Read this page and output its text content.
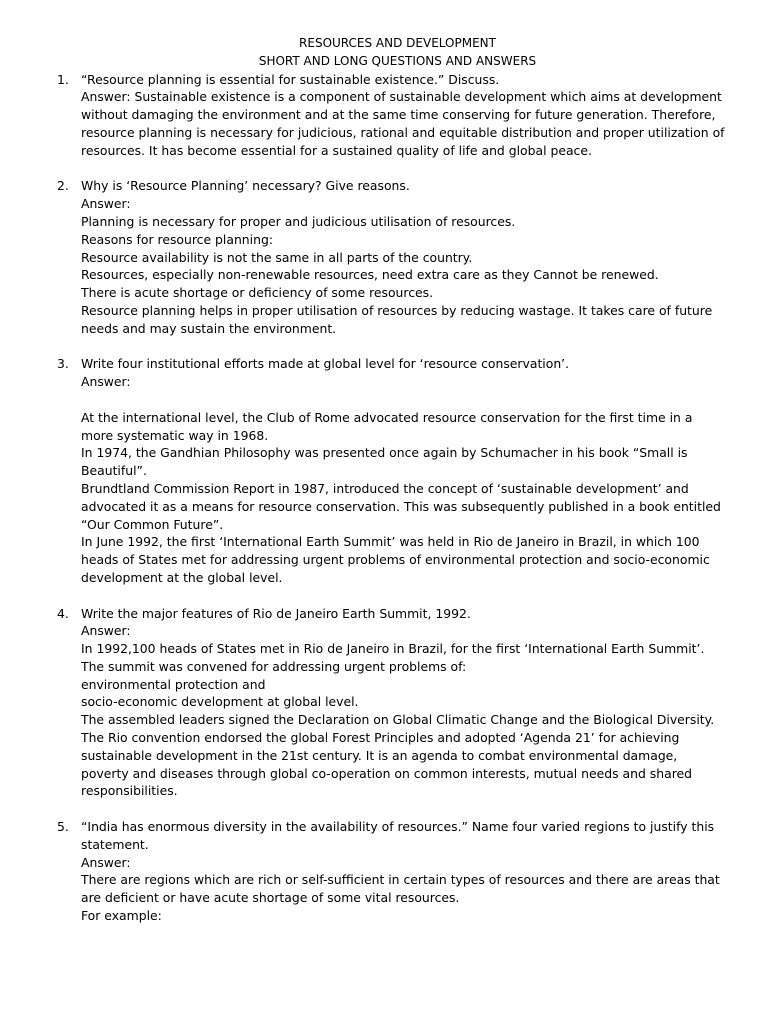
RESOURCES AND DEVELOPMENT
SHORT AND LONG QUESTIONS AND ANSWERS
1. “Resource planning is essential for sustainable existence.” Discuss.
Answer: Sustainable existence is a component of sustainable development which aims at development without damaging the environment and at the same time conserving for future generation. Therefore, resource planning is necessary for judicious, rational and equitable distribution and proper utilization of resources. It has become essential for a sustained quality of life and global peace.
2. Why is ‘Resource Planning’ necessary? Give reasons.
Answer:
Planning is necessary for proper and judicious utilisation of resources.
Reasons for resource planning:
Resource availability is not the same in all parts of the country.
Resources, especially non-renewable resources, need extra care as they Cannot be renewed.
There is acute shortage or deficiency of some resources.
Resource planning helps in proper utilisation of resources by reducing wastage. It takes care of future needs and may sustain the environment.
3. Write four institutional efforts made at global level for ‘resource conservation’.
Answer:
At the international level, the Club of Rome advocated resource conservation for the first time in a more systematic way in 1968.
In 1974, the Gandhian Philosophy was presented once again by Schumacher in his book “Small is Beautiful”.
Brundtland Commission Report in 1987, introduced the concept of ‘sustainable development’ and advocated it as a means for resource conservation. This was subsequently published in a book entitled “Our Common Future”.
In June 1992, the first ‘International Earth Summit’ was held in Rio de Janeiro in Brazil, in which 100 heads of States met for addressing urgent problems of environmental protection and socio-economic development at the global level.
4. Write the major features of Rio de Janeiro Earth Summit, 1992.
Answer:
In 1992,100 heads of States met in Rio de Janeiro in Brazil, for the first ‘International Earth Summit’.
The summit was convened for addressing urgent problems of:
environmental protection and
socio-economic development at global level.
The assembled leaders signed the Declaration on Global Climatic Change and the Biological Diversity.
The Rio convention endorsed the global Forest Principles and adopted ‘Agenda 21’ for achieving sustainable development in the 21st century. It is an agenda to combat environmental damage, poverty and diseases through global co-operation on common interests, mutual needs and shared responsibilities.
5. “India has enormous diversity in the availability of resources.” Name four varied regions to justify this statement.
Answer:
There are regions which are rich or self-sufficient in certain types of resources and there are areas that are deficient or have acute shortage of some vital resources.
For example:
